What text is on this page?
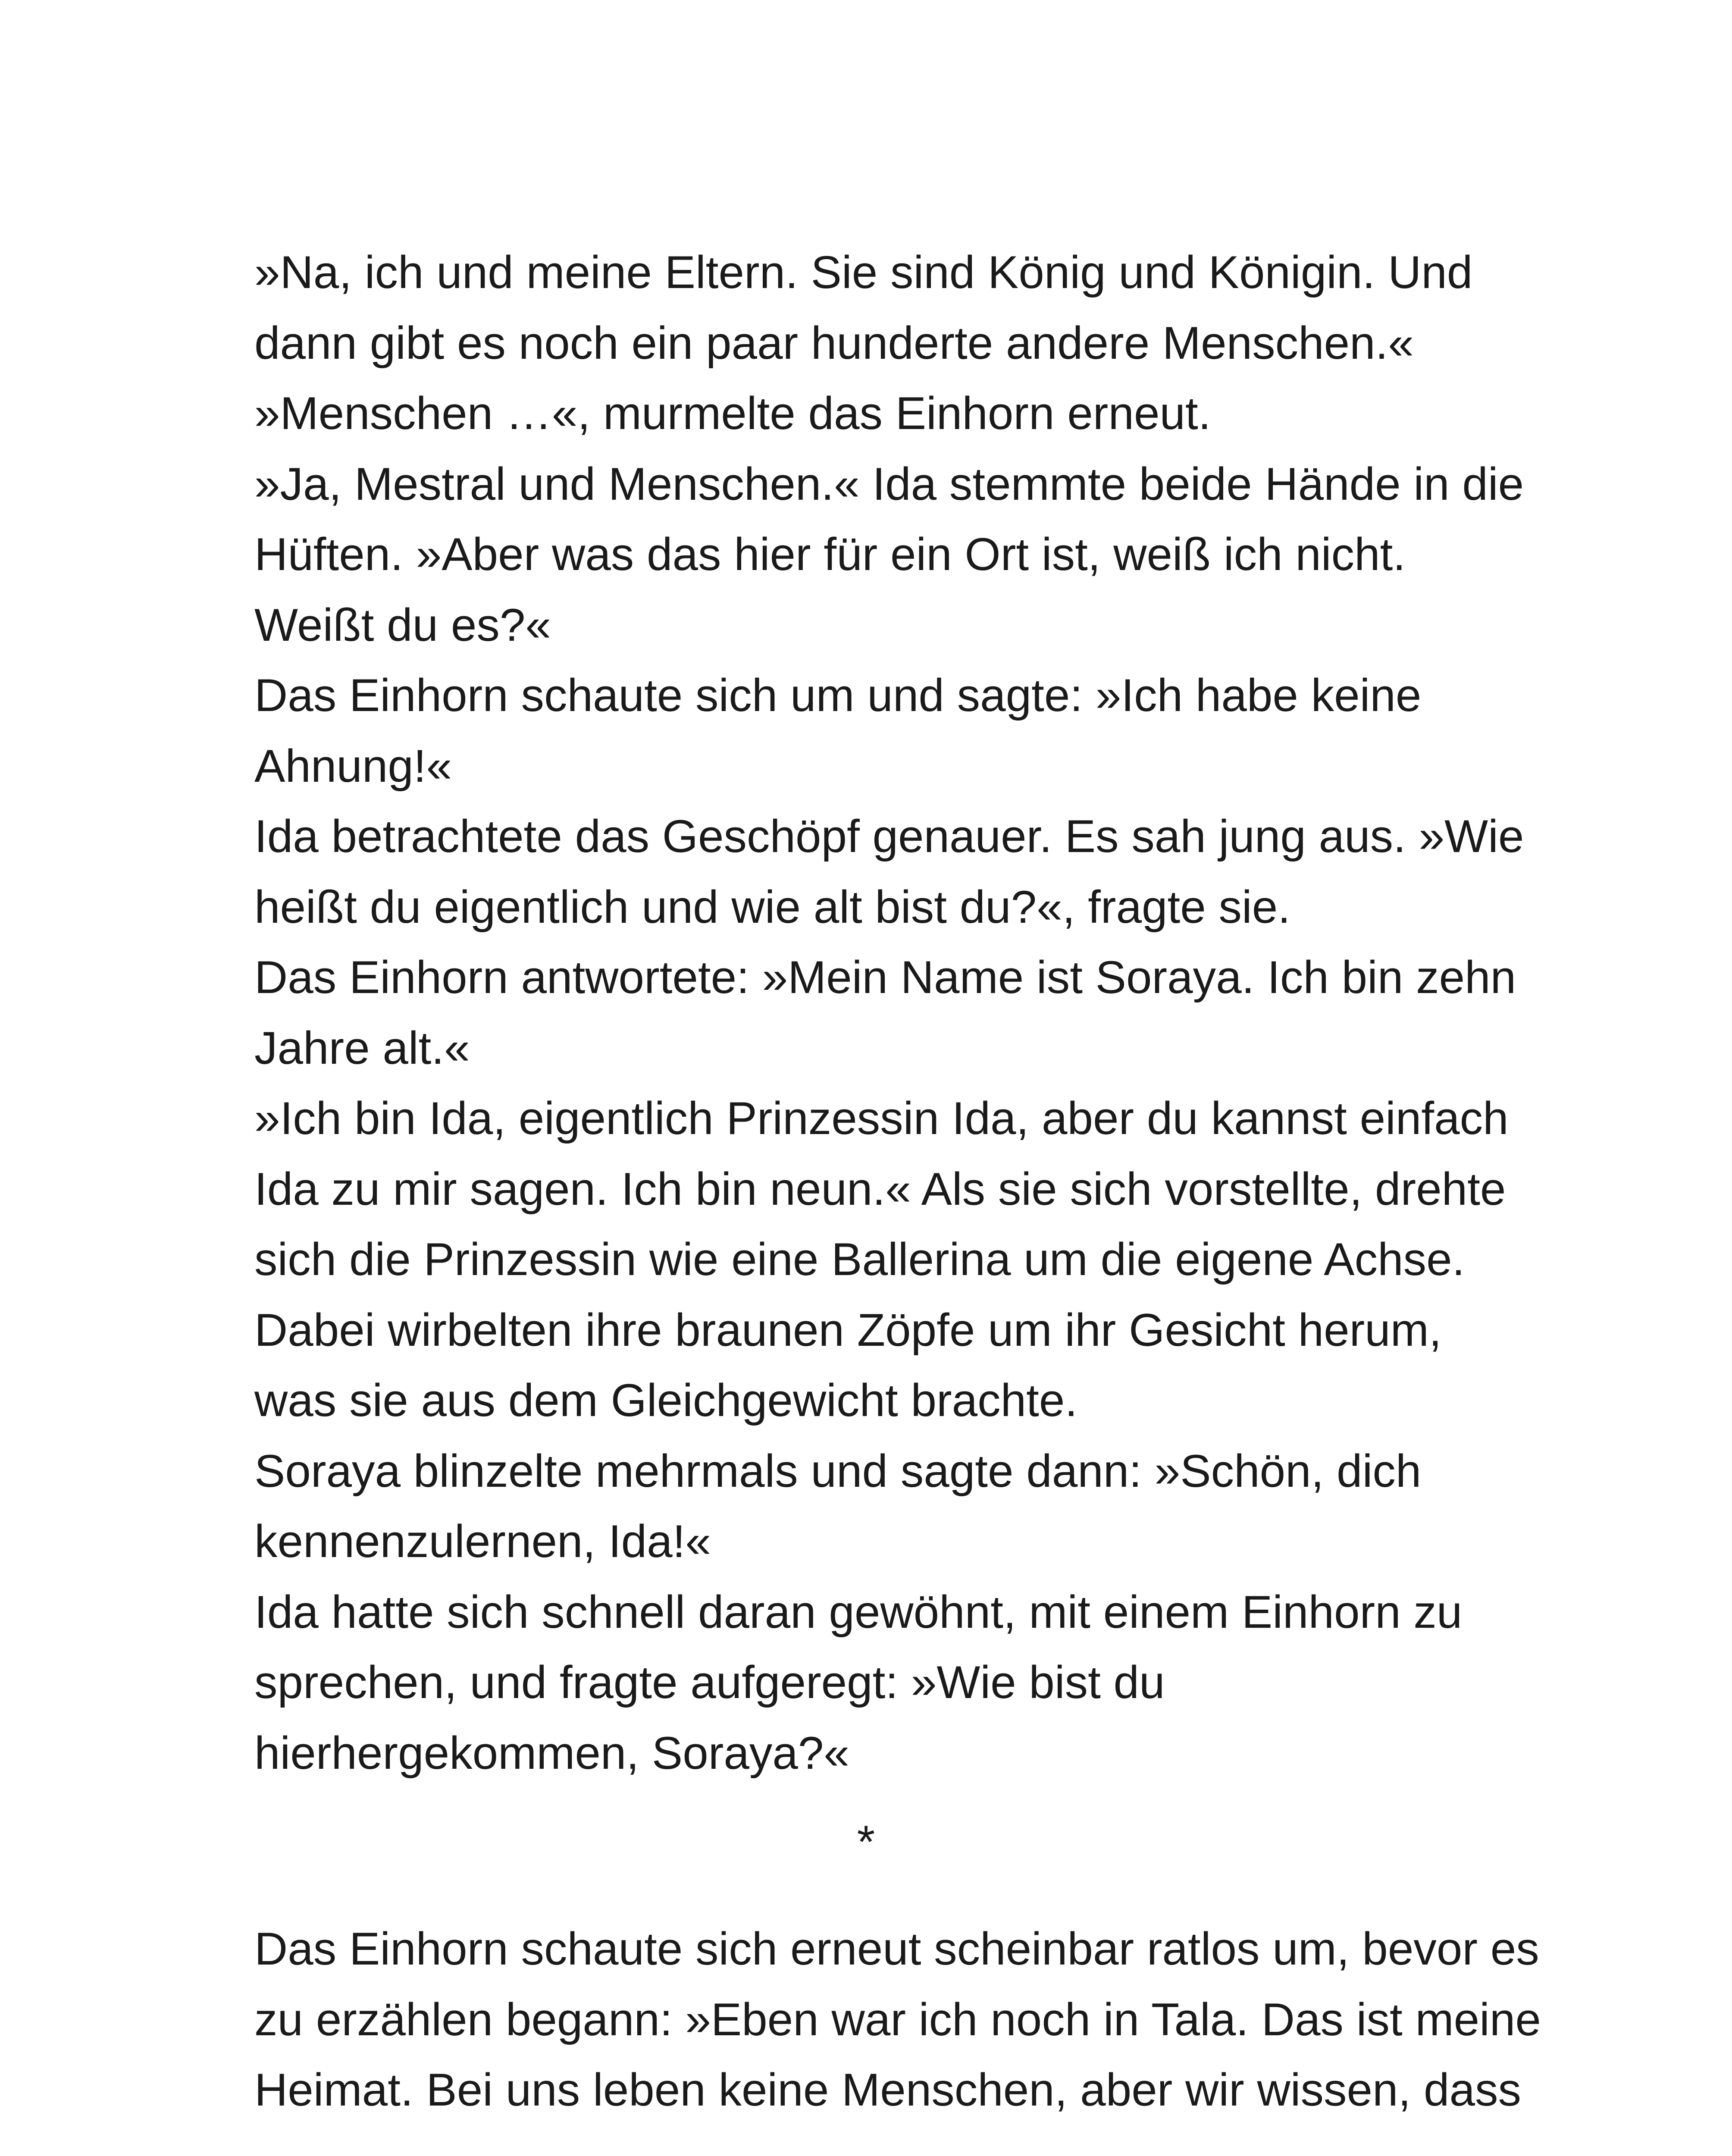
»Na, ich und meine Eltern. Sie sind König und Königin. Und
dann gibt es noch ein paar hunderte andere Menschen.«
»Menschen …«, murmelte das Einhorn erneut.
»Ja, Mestral und Menschen.« Ida stemmte beide Hände in die
Hüften. »Aber was das hier für ein Ort ist, weiß ich nicht.
Weißt du es?«
Das Einhorn schaute sich um und sagte: »Ich habe keine
Ahnung!«
Ida betrachtete das Geschöpf genauer. Es sah jung aus. »Wie
heißt du eigentlich und wie alt bist du?«, fragte sie.
Das Einhorn antwortete: »Mein Name ist Soraya. Ich bin zehn
Jahre alt.«
»Ich bin Ida, eigentlich Prinzessin Ida, aber du kannst einfach
Ida zu mir sagen. Ich bin neun.« Als sie sich vorstellte, drehte
sich die Prinzessin wie eine Ballerina um die eigene Achse.
Dabei wirbelten ihre braunen Zöpfe um ihr Gesicht herum,
was sie aus dem Gleichgewicht brachte.
Soraya blinzelte mehrmals und sagte dann: »Schön, dich
kennenzulernen, Ida!«
Ida hatte sich schnell daran gewöhnt, mit einem Einhorn zu
sprechen, und fragte aufgeregt: »Wie bist du
hierhergekommen, Soraya?«
*
Das Einhorn schaute sich erneut scheinbar ratlos um, bevor es
zu erzählen begann: »Eben war ich noch in Tala. Das ist meine
Heimat. Bei uns leben keine Menschen, aber wir wissen, dass
